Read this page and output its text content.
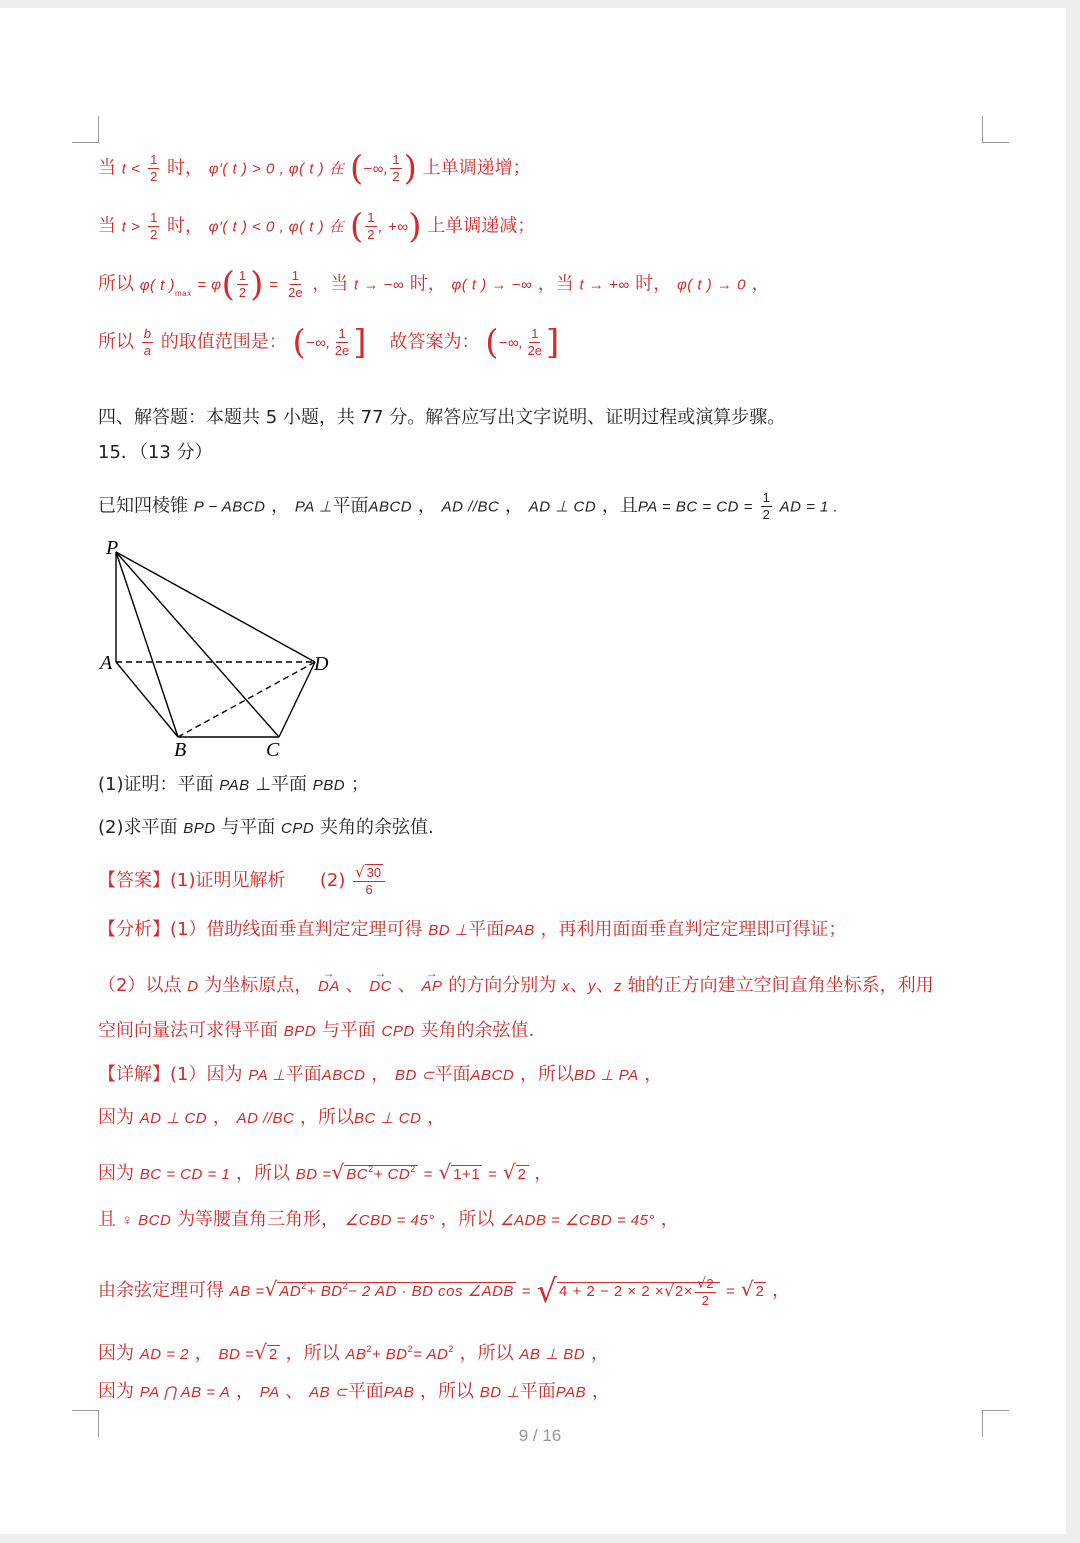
当 $t < \frac{1}{2}$ 时， φ′( t ) > 0 , φ( t ) 在 (−∞, $\frac{1}{2}$ ) 上单调递增；
当 $t > \frac{1}{2}$ 时， φ′( t ) < 0 , φ( t ) 在 ( $\frac{1}{2}$ , +∞) 上单调递减；
所以 φ( t )$_{max} = \varphi( \frac{1}{2}$ ) = $\frac{1}{2e}$ ，当 t → −∞ 时， φ( t ) → −∞ ，当 t → +∞ 时， φ( t ) → 0 ，
所以 $\frac{b}{a}$ 的取值范围是： (−∞, $\frac{1}{2e}$ ] 故答案为： (−∞, $\frac{1}{2e}$ ]
四、解答题：本题共 5 小题，共 77 分。解答应写出文字说明、证明过程或演算步骤。
15．（13 分）
已知四棱锥 P − ABCD ， PA ⊥平面ABCD ， AD //BC ， AD ⊥ CD ，且PA = BC = CD = $\frac{1}{2}$ AD = 1 .
P
A
B	C
D
(1)证明：平面 PAB ⊥平面 PBD ；
(2)求平面 BPD 与平面 CPD 夹角的余弦值.
【答案】(1)证明见解析 $(2) \frac{√ 30}{6}$
【分析】(1）借助线面垂直判定定理可得 BD ⊥平面PAB ，再利用面面垂直判定定理即可得证；
（2）以点 D 为坐标原点， → DA 、 → DC 、 → AP 的方向分别为 x、y、z 轴的正方向建立空间直角坐标系，利用
空间向量法可求得平面 BPD 与平面 CPD 夹角的余弦值.
【详解】(1）因为 PA ⊥平面ABCD ， BD ⊂平面ABCD ，所以BD ⊥ PA ，
因为 AD ⊥ CD ， AD //BC ，所以BC ⊥ CD ，
因为 BC = CD = 1 ，所以 BD =√ $BC^2+ CD^2$ = √ 1+1 = √ 2 ，
且 ♀ BCD 为等腰直角三角形， ∠CBD = 45° ，所以 ∠ADB = ∠CBD = 45° ，
由余弦定理可得 AB =√ $AD^2+ BD^2- 2$ AD · BD cos ∠ADB = √ $4 + 2 - 2 \times 2 \times√2\times \frac{√2}{2}$ = √ 2 ，
因为 AD = 2 ， BD =√ 2 ，所以 $AB^2+ BD^2= AD^2$ ，所以 AB ⊥ BD ，
因为 PA ⋂ AB = A ， PA 、 AB ⊂平面PAB ，所以 BD ⊥平面PAB ，
9 / 16
